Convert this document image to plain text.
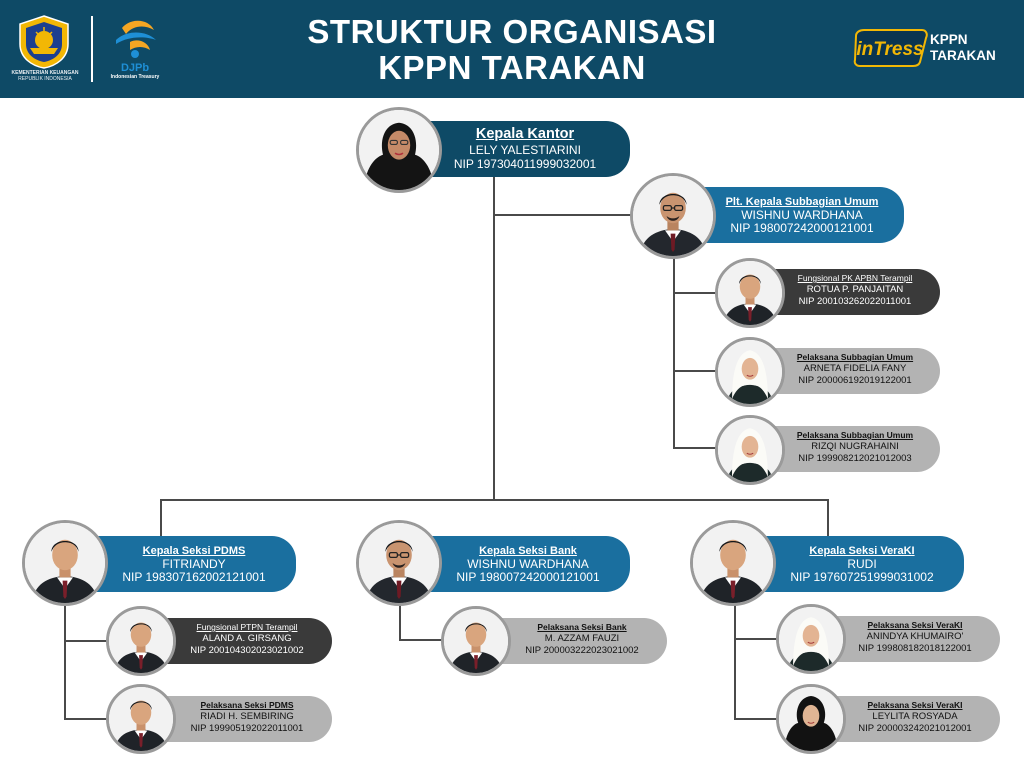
KEMENTERIAN KEUANGAN
REPUBLIK INDONESIA
DJPb
Indonesian Treasury
STRUKTUR ORGANISASI
KPPN TARAKAN	inTress KPPN
TARAKAN
Kepala Kantor
LELY YALESTIARINI
NIP 197304011999032001
Plt. Kepala Subbagian Umum
WISHNU WARDHANA
NIP 198007242000121001
Fungsional PK APBN Terampil
ROTUA P. PANJAITAN
NIP 200103262022011001
Pelaksana Subbagian Umum
ARNETA FIDELIA FANY
NIP 200006192019122001
Pelaksana Subbagian Umum
RIZQI NUGRAHAINI
NIP 199908212021012003
Kepala Seksi PDMS
FITRIANDY
NIP 198307162002121001
Kepala Seksi Bank
WISHNU WARDHANA
NIP 198007242000121001
Kepala Seksi VeraKI
RUDI
NIP 197607251999031002
Fungsional PTPN Terampil
ALAND A. GIRSANG
NIP 200104302023021002
Pelaksana Seksi PDMS
RIADI H. SEMBIRING
NIP 199905192022011001
Pelaksana Seksi Bank
M. AZZAM FAUZI
NIP 200003222023021002
Pelaksana Seksi VeraKI
ANINDYA KHUMAIRO'
NIP 199808182018122001
Pelaksana Seksi VeraKI
LEYLITA ROSYADA
NIP 200003242021012001
